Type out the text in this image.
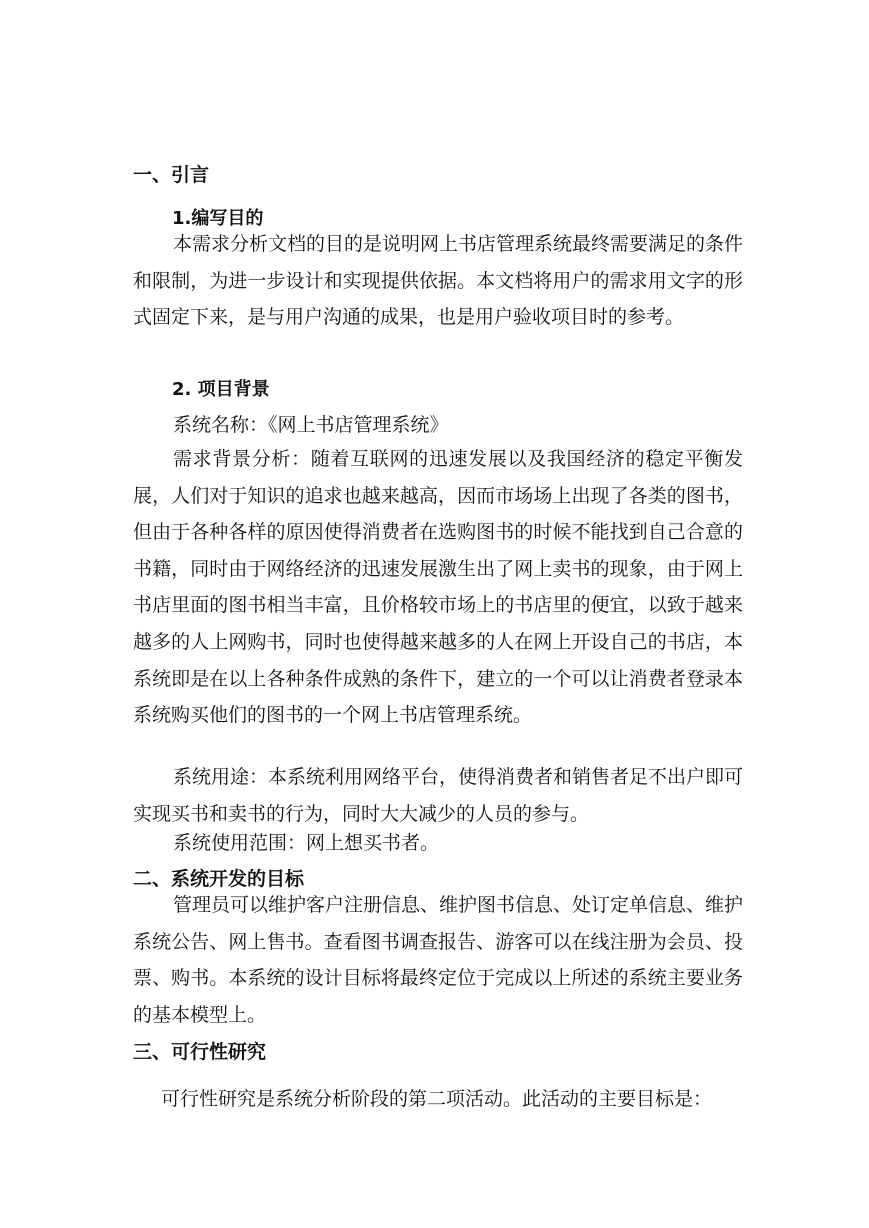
一、引言
1.编写目的

本需求分析文档的目的是说明网上书店管理系统最终需要满足的条件和限制，为进一步设计和实现提供依据。本文档将用户的需求用文字的形式固定下来，是与用户沟通的成果，也是用户验收项目时的参考。

2. 项目背景
系统名称：《网上书店管理系统》

需求背景分析：随着互联网的迅速发展以及我国经济的稳定平衡发展，人们对于知识的追求也越来越高，因而市场场上出现了各类的图书，但由于各种各样的原因使得消费者在选购图书的时候不能找到自己合意的书籍，同时由于网络经济的迅速发展激生出了网上卖书的现象，由于网上书店里面的图书相当丰富，且价格较市场上的书店里的便宜，以致于越来越多的人上网购书，同时也使得越来越多的人在网上开设自己的书店，本系统即是在以上各种条件成熟的条件下，建立的一个可以让消费者登录本系统购买他们的图书的一个网上书店管理系统。

系统用途：本系统利用网络平台，使得消费者和销售者足不出户即可实现买书和卖书的行为，同时大大减少的人员的参与。

系统使用范围：网上想买书者。
二、系统开发的目标

管理员可以维护客户注册信息、维护图书信息、处订定单信息、维护系统公告、网上售书。查看图书调查报告、游客可以在线注册为会员、投票、购书。本系统的设计目标将最终定位于完成以上所述的系统主要业务的基本模型上。

三、可行性研究
可行性研究是系统分析阶段的第二项活动。此活动的主要目标是：
